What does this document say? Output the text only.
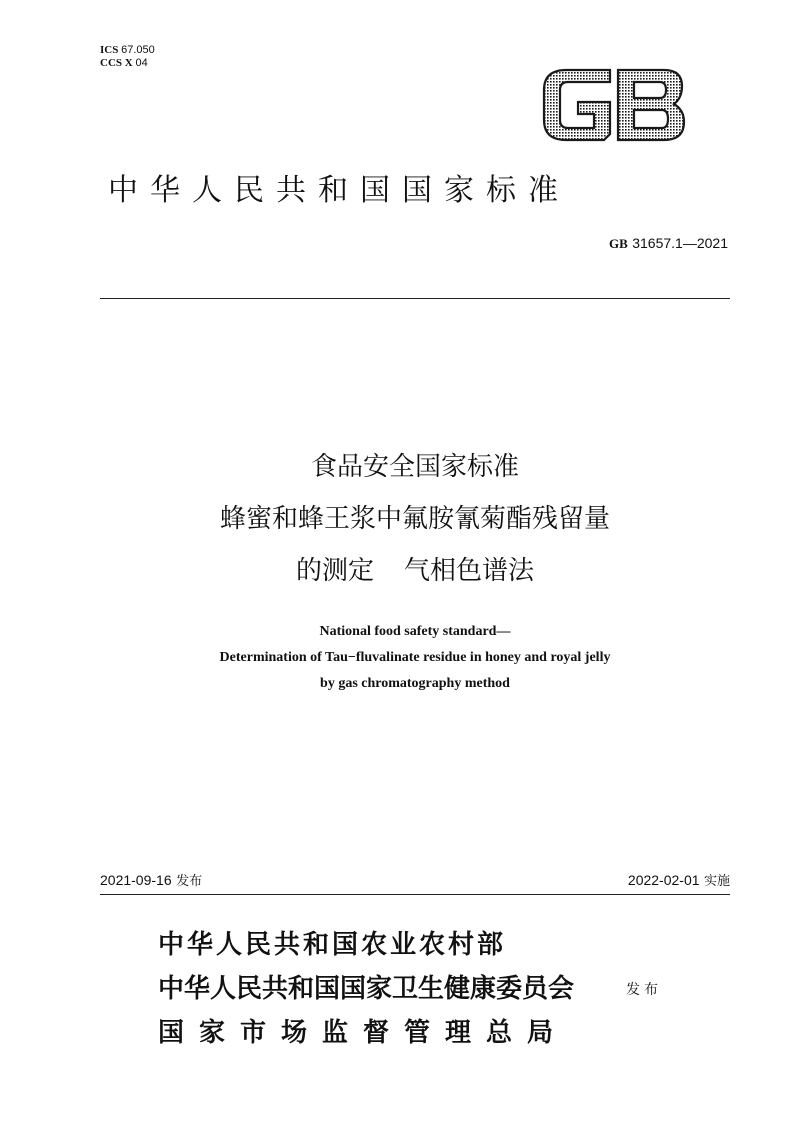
ICS 67.050
CCS X 04
中华人民共和国国家标准
GB 31657.1—2021
食品安全国家标准
蜂蜜和蜂王浆中氟胺氰菊酯残留量
的测定 气相色谱法
National food safety standard—
Determination of Tau−fluvalinate residue in honey and royal jelly
by gas chromatography method
2021-09-16 发布	2022-02-01 实施
中华人民共和国农业农村部
中华人民共和国国家卫生健康委员会
国家市场监督管理总局
发布
